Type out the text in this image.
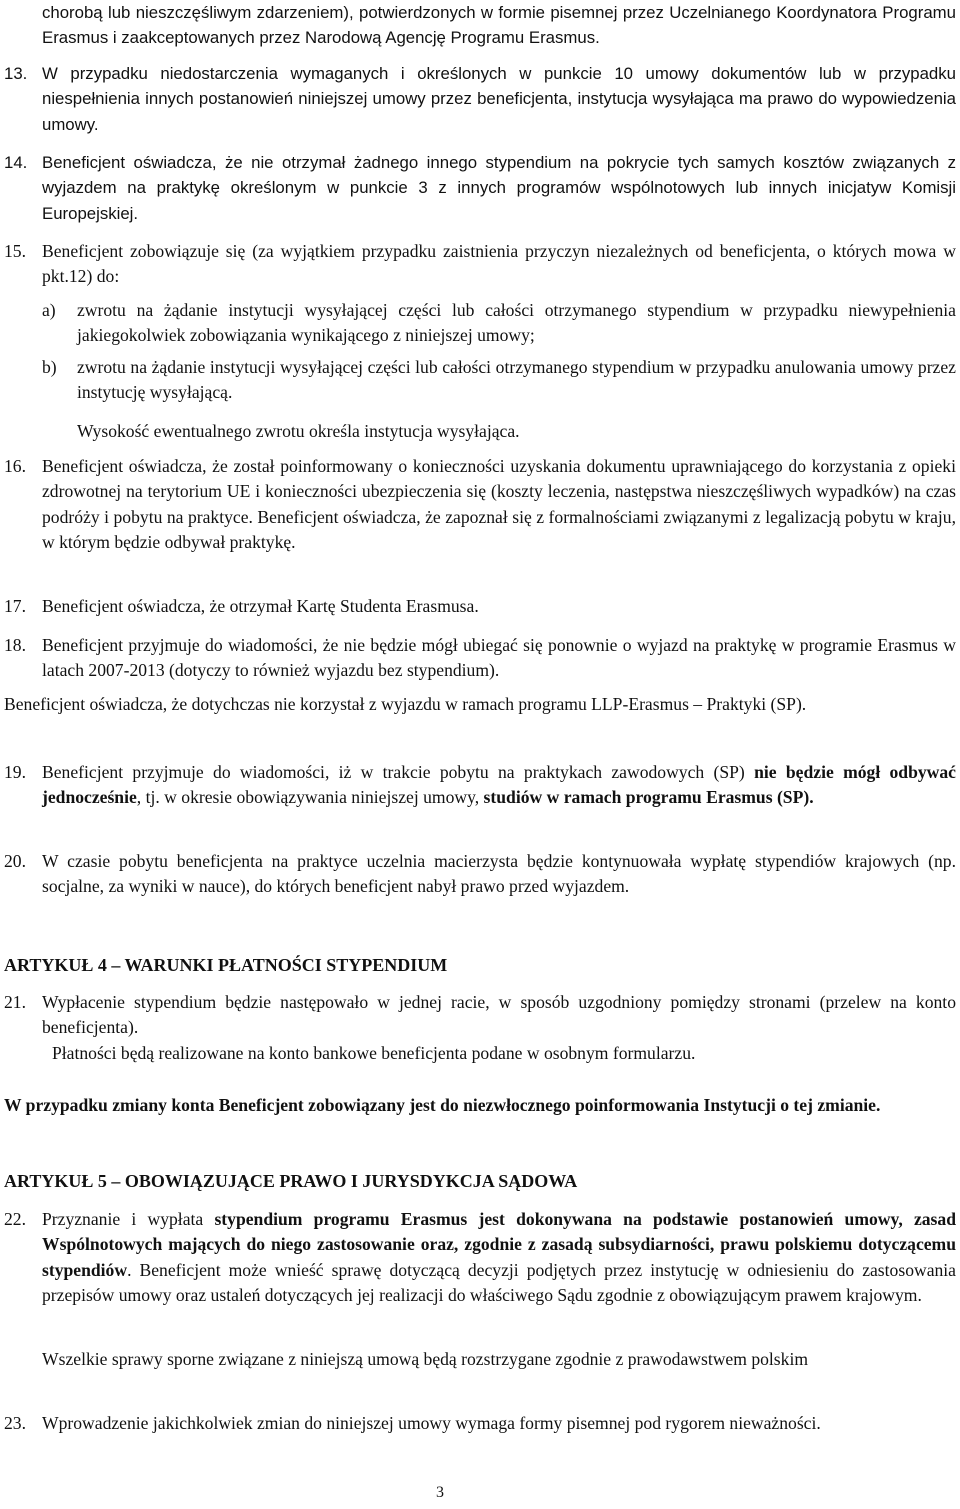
chorobą lub nieszczęśliwym zdarzeniem), potwierdzonych w formie pisemnej przez Uczelnianego Koordynatora Programu Erasmus i zaakceptowanych przez Narodową Agencję Programu Erasmus.
13. W przypadku niedostarczenia wymaganych i określonych w punkcie 10 umowy dokumentów lub w przypadku niespełnienia innych postanowień niniejszej umowy przez beneficjenta, instytucja wysyłająca ma prawo do wypowiedzenia umowy.
14. Beneficjent oświadcza, że nie otrzymał żadnego innego stypendium na pokrycie tych samych kosztów związanych z wyjazdem na praktykę określonym w punkcie 3 z innych programów wspólnotowych lub innych inicjatyw Komisji Europejskiej.
15. Beneficjent zobowiązuje się (za wyjątkiem przypadku zaistnienia przyczyn niezależnych od beneficjenta, o których mowa w pkt.12) do:
a) zwrotu na żądanie instytucji wysyłającej części lub całości otrzymanego stypendium w przypadku niewypełnienia jakiegokolwiek zobowiązania wynikającego z niniejszej umowy;
b) zwrotu na żądanie instytucji wysyłającej części lub całości otrzymanego stypendium w przypadku anulowania umowy przez instytucję wysyłającą.
Wysokość ewentualnego zwrotu określa instytucja wysyłająca.
16. Beneficjent oświadcza, że został poinformowany o konieczności uzyskania dokumentu uprawniającego do korzystania z opieki zdrowotnej na terytorium UE i konieczności ubezpieczenia się (koszty leczenia, następstwa nieszczęśliwych wypadków) na czas podróży i pobytu na praktyce. Beneficjent oświadcza, że zapoznał się z formalnościami związanymi z legalizacją pobytu w kraju, w którym będzie odbywał praktykę.
17. Beneficjent oświadcza, że otrzymał Kartę Studenta Erasmusa.
18. Beneficjent przyjmuje do wiadomości, że nie będzie mógł ubiegać się ponownie o wyjazd na praktykę w programie Erasmus w latach 2007-2013 (dotyczy to również wyjazdu bez stypendium).
Beneficjent oświadcza, że dotychczas nie korzystał z wyjazdu w ramach programu LLP-Erasmus – Praktyki (SP).
19. Beneficjent przyjmuje do wiadomości, iż w trakcie pobytu na praktykach zawodowych (SP) nie będzie mógł odbywać jednocześnie, tj. w okresie obowiązywania niniejszej umowy, studiów w ramach programu Erasmus (SP).
20. W czasie pobytu beneficjenta na praktyce uczelnia macierzysta będzie kontynuowała wypłatę stypendiów krajowych (np. socjalne, za wyniki w nauce), do których beneficjent nabył prawo przed wyjazdem.
ARTYKUŁ 4 – WARUNKI PŁATNOŚCI STYPENDIUM
21. Wypłacenie stypendium będzie następowało w jednej racie, w sposób uzgodniony pomiędzy stronami (przelew na konto beneficjenta).
Płatności będą realizowane na konto bankowe beneficjenta podane w osobnym formularzu.
W przypadku zmiany konta Beneficjent zobowiązany jest do niezwłocznego poinformowania Instytucji o tej zmianie.
ARTYKUŁ 5 – OBOWIĄZUJĄCE PRAWO I JURYSDYKCJA SĄDOWA
22. Przyznanie i wypłata stypendium programu Erasmus jest dokonywana na podstawie postanowień umowy, zasad Wspólnotowych mających do niego zastosowanie oraz, zgodnie z zasadą subsydiarności, prawu polskiemu dotyczącemu stypendiów. Beneficjent może wnieść sprawę dotyczącą decyzji podjętych przez instytucję w odniesieniu do zastosowania przepisów umowy oraz ustaleń dotyczących jej realizacji do właściwego Sądu zgodnie z obowiązującym prawem krajowym.
Wszelkie sprawy sporne związane z niniejszą umową będą rozstrzygane zgodnie z prawodawstwem polskim
23. Wprowadzenie jakichkolwiek zmian do niniejszej umowy wymaga formy pisemnej pod rygorem nieważności.
3
